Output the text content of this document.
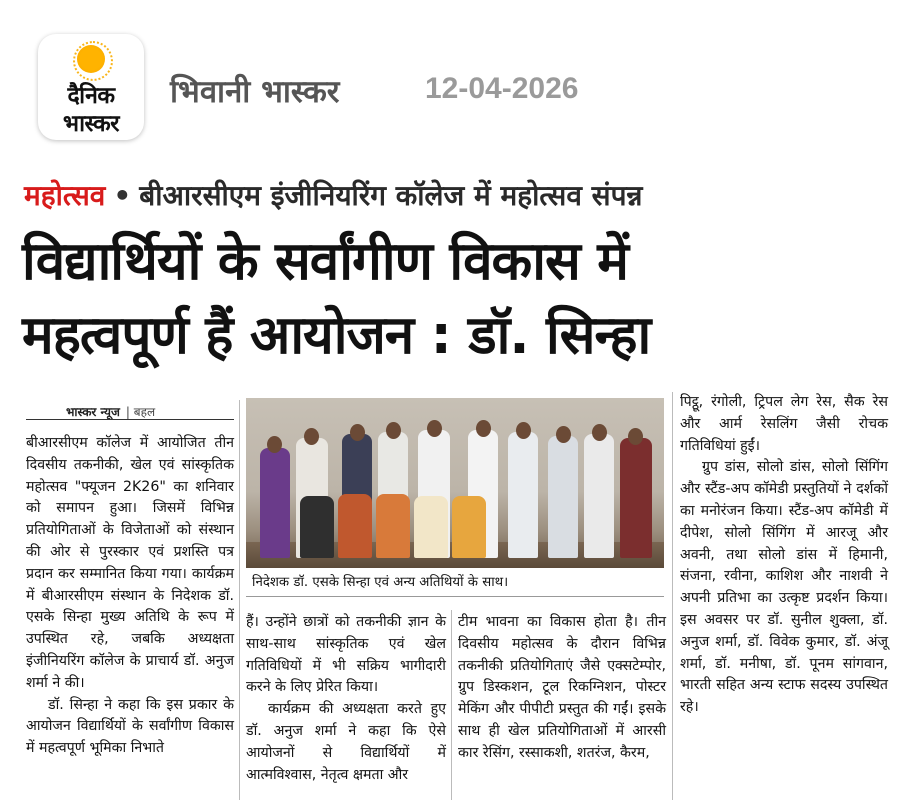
दैनिक
भास्कर
भिवानी भास्कर	12-04-2026
महोत्सव • बीआरसीएम इंजीनियरिंग कॉलेज में महोत्सव संपन्न
विद्यार्थियों के सर्वांगीण विकास में
महत्वपूर्ण हैं आयोजन : डॉ. सिन्हा
भास्कर न्यूज | बहल

बीआरसीएम कॉलेज में आयोजित तीन दिवसीय तकनीकी, खेल एवं सांस्कृतिक महोत्सव "फ्यूजन 2K26" का शनिवार को समापन हुआ। जिसमें विभिन्न प्रतियोगिताओं के विजेताओं को संस्थान की ओर से पुरस्कार एवं प्रशस्ति पत्र प्रदान कर सम्मानित किया गया। कार्यक्रम में बीआरसीएम संस्थान के निदेशक डॉ. एसके सिन्हा मुख्य अतिथि के रूप में उपस्थित रहे, जबकि अध्यक्षता इंजीनियरिंग कॉलेज के प्राचार्य डॉ. अनुज शर्मा ने की।

डॉ. सिन्हा ने कहा कि इस प्रकार के आयोजन विद्यार्थियों के सर्वांगीण विकास में महत्वपूर्ण भूमिका निभाते

निदेशक डॉ. एसके सिन्हा एवं अन्य अतिथियों के साथ।

हैं। उन्होंने छात्रों को तकनीकी ज्ञान के साथ-साथ सांस्कृतिक एवं खेल गतिविधियों में भी सक्रिय भागीदारी करने के लिए प्रेरित किया।

कार्यक्रम की अध्यक्षता करते हुए डॉ. अनुज शर्मा ने कहा कि ऐसे आयोजनों से विद्यार्थियों में आत्मविश्वास, नेतृत्व क्षमता और

टीम भावना का विकास होता है। तीन दिवसीय महोत्सव के दौरान विभिन्न तकनीकी प्रतियोगिताएं जैसे एक्सटेम्पोर, ग्रुप डिस्कशन, टूल रिकग्निशन, पोस्टर मेकिंग और पीपीटी प्रस्तुत की गईं। इसके साथ ही खेल प्रतियोगिताओं में आरसी कार रेसिंग, रस्साकशी, शतरंज, कैरम,

पिट्ठू, रंगोली, ट्रिपल लेग रेस, सैक रेस और आर्म रेसलिंग जैसी रोचक गतिविधियां हुईं।

ग्रुप डांस, सोलो डांस, सोलो सिंगिंग और स्टैंड-अप कॉमेडी प्रस्तुतियों ने दर्शकों का मनोरंजन किया। स्टैंड-अप कॉमेडी में दीपेश, सोलो सिंगिंग में आरजू और अवनी, तथा सोलो डांस में हिमानी, संजना, रवीना, काशिश और नाशवी ने अपनी प्रतिभा का उत्कृष्ट प्रदर्शन किया। इस अवसर पर डॉ. सुनील शुक्ला, डॉ. अनुज शर्मा, डॉ. विवेक कुमार, डॉ. अंजू शर्मा, डॉ. मनीषा, डॉ. पूनम सांगवान, भारती सहित अन्य स्टाफ सदस्य उपस्थित रहे।
